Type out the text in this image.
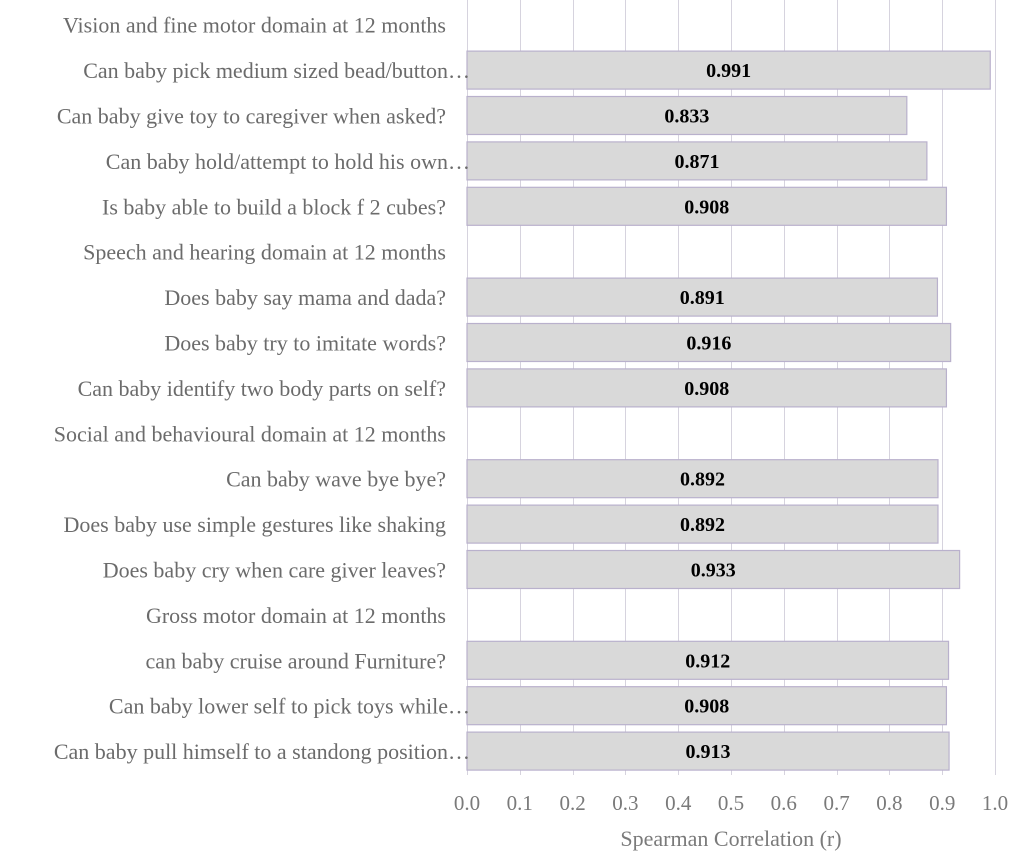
0.991
0.833
0.871
0.908
0.891
0.916
0.908
0.892
0.892
0.933
0.912
0.908
0.913
Vision and fine motor domain at 12 months
Can baby pick medium sized bead/button…
Can baby give toy to caregiver when asked?
Can baby hold/attempt to hold his own…
Is baby able to build a block f 2 cubes?
Speech and hearing domain at 12 months
Does baby say mama and dada?
Does baby try to imitate words?
Can baby identify two body parts on self?
Social and behavioural domain at 12 months
Can baby wave bye bye?
Does baby use simple gestures like shaking
Does baby cry when care giver leaves?
Gross motor domain at 12 months
can baby cruise around Furniture?
Can baby lower self to pick toys while…
Can baby pull himself to a standong position…
0.0 0.1 0.2 0.3 0.4 0.5 0.6 0.7 0.8 0.9 1.0
Spearman Correlation (r)
